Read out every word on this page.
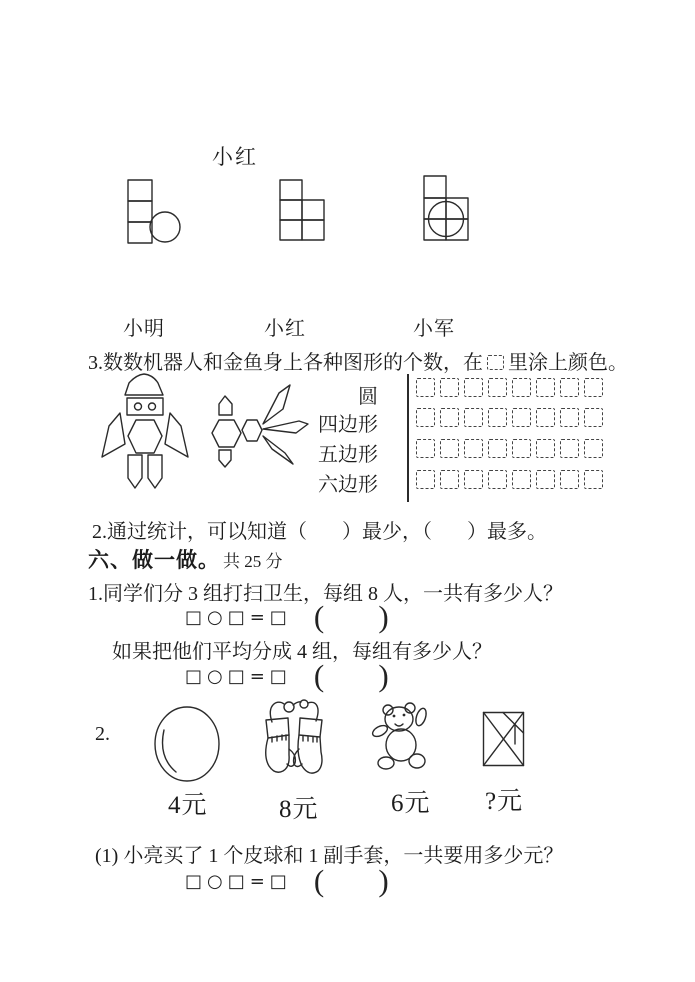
小红
小明	小红	小军
3.数数机器人和金鱼身上各种图形的个数，在 里涂上颜色。
圆
四边形
五边形
六边形
2.通过统计，可以知道（       ）最少，（       ）最多。
六、做一做。 共 25 分
1.同学们分 3 组打扫卫生，每组 8 人，一共有多少人？
□○□=□ (       )
如果把他们平均分成 4 组，每组有多少人？
□○□=□ (       )
2.
4元	8元	6元 ?元
(1) 小亮买了 1 个皮球和 1 副手套，一共要用多少元？
□○□=□ (       )
